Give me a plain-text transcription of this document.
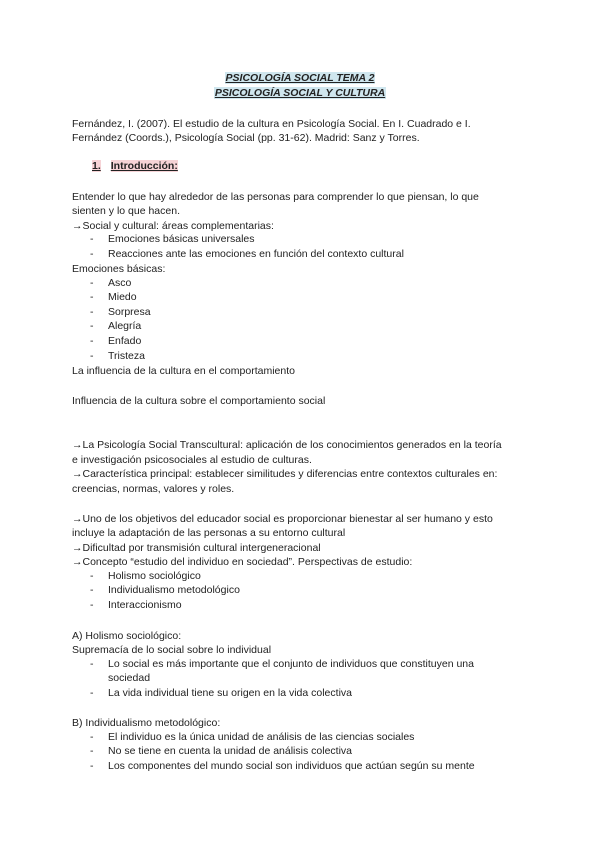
PSICOLOGÍA SOCIAL TEMA 2
PSICOLOGÍA SOCIAL Y CULTURA
Fernández, I. (2007). El estudio de la cultura en Psicología Social. En I. Cuadrado e I.
Fernández (Coords.), Psicología Social (pp. 31-62). Madrid: Sanz y Torres.
1. Introducción:
Entender lo que hay alrededor de las personas para comprender lo que piensan, lo que
sienten y lo que hacen.
→Social y cultural: áreas complementarias:
- Emociones básicas universales
- Reacciones ante las emociones en función del contexto cultural
Emociones básicas:
- Asco
- Miedo
- Sorpresa
- Alegría
- Enfado
- Tristeza
La influencia de la cultura en el comportamiento
Influencia de la cultura sobre el comportamiento social
→La Psicología Social Transcultural: aplicación de los conocimientos generados en la teoría
e investigación psicosociales al estudio de culturas.
→Característica principal: establecer similitudes y diferencias entre contextos culturales en:
creencias, normas, valores y roles.
→Uno de los objetivos del educador social es proporcionar bienestar al ser humano y esto
incluye la adaptación de las personas a su entorno cultural
→Dificultad por transmisión cultural intergeneracional
→Concepto “estudio del individuo en sociedad”. Perspectivas de estudio:
- Holismo sociológico
- Individualismo metodológico
- Interaccionismo
A) Holismo sociológico:
Supremacía de lo social sobre lo individual
- Lo social es más importante que el conjunto de individuos que constituyen una
sociedad
- La vida individual tiene su origen en la vida colectiva
B) Individualismo metodológico:
- El individuo es la única unidad de análisis de las ciencias sociales
- No se tiene en cuenta la unidad de análisis colectiva
- Los componentes del mundo social son individuos que actúan según su mente
